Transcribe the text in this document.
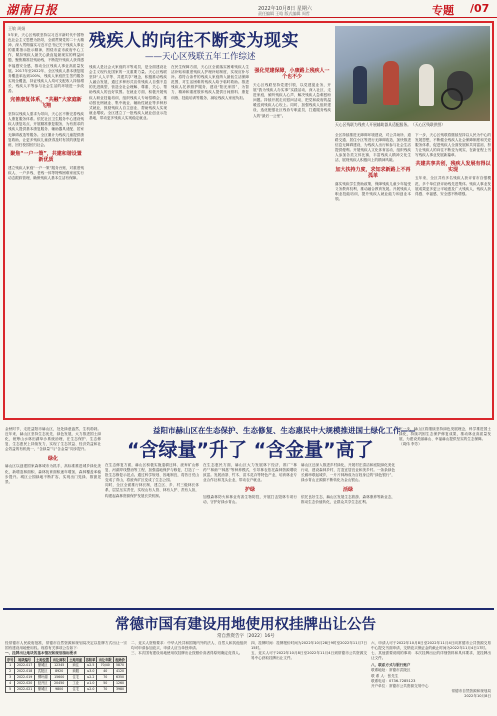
湖南日报	2022年10月8日 星期六
责任编辑 王晗 版式编辑 周哲	专题 /07
王敏 周娟
5年来，天心区残联坚持以习近平新时代中国特色社会主义思想为指导，全面贯彻党的二十大精神，深入贯彻落实习近平总书记关于残疾人事业的重要指示批示精神，围绕市委市政府中心工作，紧扣残疾人最关心最直接最现实的利益问题，聚焦精准扶残助残，不断提升残疾人获得感幸福感安全感，推动全区残疾人事业高质量发展。2017年至2022年，全区残疾人基本康复服务覆盖率达到100%，残疾人家庭医生签约服务实现全覆盖，持证残疾人人均可支配收入持续增长，残疾人平等参与社会生活的环境进一步改善。
完善康复体系，“共融”大家庭新飞翔
坚持以残疾人需求为导向，天心区不断完善残疾人康复服务体系。依托社区卫生服务中心建设残疾人康复站点，开展精准康复服务，为有需求的残疾人提供基本康复服务、辅助器具适配、居家无障碍改造等服务。全区累计为残疾儿童提供康复救助，让更多残疾儿童获得及时有效的康复训练，回归校园回归社会。
聚焦“一户一策”，共建和谐设置新优质
建立残疾人家庭“一户一策”服务台账，对重度残疾人、一户多残、老残一体等特殊困难家庭实行动态跟踪管理，确保残疾人基本生活有保障。
残疾人的向往不断变为现实
——天心区残联五年工作综述
天心区残联为残疾人开展辅助器具适配服务。（天心区残联供图）
残疾人是社会大家庭的平等成员，是全面建设社会主义现代化国家的一支重要力量。天心区残联坚持“人人平等、共建共享”理念，积极推动残疾人融合发展，通过多种形式宣传残疾人自强不息的先进典型，营造全社会理解、尊重、关心、帮助残疾人的良好氛围。在就业方面，积极开展残疾人职业技能培训，组织残疾人专场招聘会，推动按比例就业、集中就业、辅助性就业等多种形式就业，鼓励残疾人自主创业，帮助残疾人实现就业增收。全区建立了一批残疾人就业创业示范基地，带动更多残疾人实现稳定就业。
在民生保障方面，天心区全面落实困难残疾人生活补贴和重度残疾人护理补贴制度，实现应补尽补。将符合条件的残疾人家庭纳入最低生活保障范围，对生活困难的残疾人给予临时救助。推进残疾人托养照护服务，建设“阳光家园”，为智力、精神和重度肢体残疾人提供日间照料、康复训练、技能培训等服务，减轻残疾人家庭负担。
强化党建保障，小康路上残疾人一个也不少
天心区残联坚持党建引领，以党建促业务，开展“我为残疾人办实事”实践活动，深入社区、走进家庭，倾听残疾人心声，解决残疾人急难愁盼问题。持续开展走访慰问活动，把党和政府的温暖送到残疾人心坎上。同时，加强残疾人组织建设，选优配强社区残协专职委员，打通服务残疾人的“最后一公里”。
全区持续推进无障碍环境建设，对公共场所、道路交通、居住小区等进行无障碍改造，加快推进信息无障碍建设，为残疾人出行和参与社会生活提供便利。开展残疾人文化体育活动，组织残疾人参加各类文体比赛，丰富残疾人精神文化生活，展现残疾人积极向上的精神风貌。
加大扶持力度，求知求新路上不再孤单
落实残疾学生资助政策，保障残疾儿童少年接受义务教育权利，推动融合教育发展。开展残疾人职业技能培训，提升残疾人就业能力和创业本领。
下一步，天心区残联将继续坚持以人民为中心的发展思想，不断健全残疾人社会保障制度和关爱服务体系，促进残疾人全面发展和共同富裕，努力让残疾人的向往不断变为现实，在新征程上书写残疾人事业发展新篇章。
共建共享共创，残疾人发展有得以实现
五年来，全区共有多名残疾人获评省市自强模范，多个单位获评助残先进集体。残疾人事业发展成果更多更公平地惠及广大残疾人，残疾人获得感、幸福感、安全感不断增强。
益阳市赫山区在生态保护、生态修复、生态惠民中大规模推进国土绿化工作——
“含绿量”升了 “含金量”高了
金秋时节，走进益阳市赫山区，处处绿意盎然，生机勃勃。近年来，赫山区坚持生态优先、绿色发展，大力推进国土绿化，统筹山水林田湖草沙系统治理，在生态保护、生态修复、生态惠民上持续发力，实现了生态效益、经济效益和社会效益的有机统一，“含绿量”与“含金量”同步提升。
绿化
赫山区以创建国家森林城市为抓手，高标准推进城乡绿化美化，新增造林面积、森林抚育面积逐年增加，森林覆盖率稳步提升。城区公园绿地不断扩容，实现出门见绿、推窗见景。
在生态修复方面，赫山区积极实施退耕还林、废弃矿山修复、河湖岸线整治等工程，加强湿地保护与修复，打造了一批生态修复示范点。通过科学规划、因地制宜，将昔日荒山变成了青山，将废弃矿区变成了生态公园。
同时，全区全面推行林长制，建立区、乡、村三级林长体系，层层压实责任，实现山有人管、林有人护、责有人担，构建起森林资源保护发展长效机制。
在生态惠民方面，赫山区大力发展林下经济，推广“林药”“林菌”“林禽”等种养模式，引导林农依托森林资源增收致富。发展油茶、竹木、苗木花卉等特色产业，培育林业专业合作社和龙头企业，带动农户就业。
护绿
加强森林防火和林业有害生物防控，开展打击毁林专项行动，守护好绿水青山。
赫山区还深入推进乡村绿化，开展村庄清洁和庭院绿化美化行动，建设森林乡村，打造宜居宜业和美乡村。一条条绿色长廊串联起城乡，一片片林海成为百姓身边的“绿色银行”，绿水青山正源源不断转化为金山银山。
活绿
依托良好生态，赫山区发展生态旅游、森林康养等新业态，推动生态价值转化，让群众共享生态红利。
下一步，赫山区将继续坚持绿色发展理念，科学推进国土绿化，持续巩固生态保护修复成果，推动林业高质量发展，为建设美丽赫山、幸福赫山提供坚实的生态保障。
（周伟 李芳）
常德市国有建设用地使用权挂牌出让公告
常自然资告字〔2022〕16号
经常德市人民政府批准，常德市自然资源和规划局决定以挂牌方式出让一宗国有建设用地使用权。现将有关事项公告如下：
一、挂牌出让地块的基本情况和规划指标要求
序号	地块编号	土地位置	出让面积	土地用途	容积率	出让年限	起始价
1	2022-017	鼎城区	12345	商住	≤2.5	70/40	5870
2	2022-018	武陵区	8920	商服	≤3.0	40	4120
3	2022-019	柳叶湖	15600	住宅	≤2.2	70	6350
4	2022-020	经开区	20450	工业	≥1.0	50	1260
5	2022-021	鼎城区	9800	住宅	≤2.0	70	3980
二、竞买人资格要求：中华人民共和国境内外的法人、自然人和其他组织均可申请参加竞买，申请人应当单独申请。
三、本次国有建设用地使用权挂牌出让按照价高者得原则确定竞得人。
四、挂牌时间：挂牌报价时间为2022年10月28日9时至2022年11月7日15时。
五、竞买人可于2022年10月8日至2022年11月4日到常德市公共资源交易中心获取挂牌出让文件。
六、申请人可于2022年10月8日至2022年11月4日向常德市公共资源交易中心提交书面申请，交纳竞买保证金的截止时间为2022年11月4日17时。
七、其他需要说明的事项：本次挂牌出让的详细资料和具体要求，见挂牌出让文件。
八、联系方式与银行账户
联系地址：常德市武陵区
联 系 人：张先生
联系电话：0736-7285123
开户单位：常德市公共资源交易中心
常德市自然资源和规划局
2022年10月8日
